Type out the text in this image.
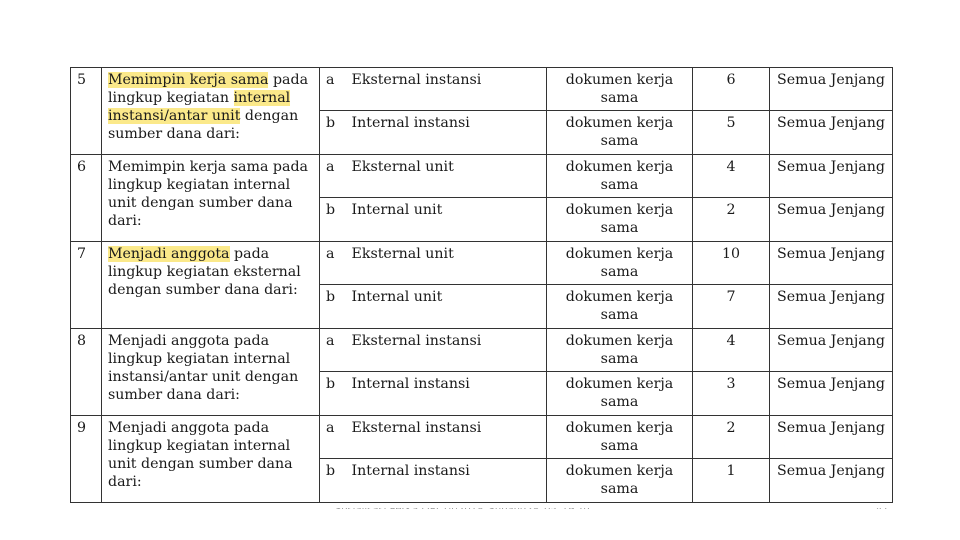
5	Memimpin kerja sama pada lingkup kegiatan internal instansi/antar unit dengan sumber dana dari:	a	Eksternal instansi	dokumen kerja sama	6	Semua Jenjang
		b	Internal instansi	dokumen kerja sama	5	Semua Jenjang
6	Memimpin kerja sama pada lingkup kegiatan internal unit dengan sumber dana dari:	a	Eksternal unit	dokumen kerja sama	4	Semua Jenjang
		b	Internal unit	dokumen kerja sama	2	Semua Jenjang
7	Menjadi anggota pada lingkup kegiatan eksternal dengan sumber dana dari:	a	Eksternal unit	dokumen kerja sama	10	Semua Jenjang
		b	Internal unit	dokumen kerja sama	7	Semua Jenjang
8	Menjadi anggota pada lingkup kegiatan internal instansi/antar unit dengan sumber dana dari:	a	Eksternal instansi	dokumen kerja sama	4	Semua Jenjang
		b	Internal instansi	dokumen kerja sama	3	Semua Jenjang
9	Menjadi anggota pada lingkup kegiatan internal unit dengan sumber dana dari:	a	Eksternal instansi	dokumen kerja sama	2	Semua Jenjang
		b	Internal instansi	dokumen kerja sama	1	Semua Jenjang
